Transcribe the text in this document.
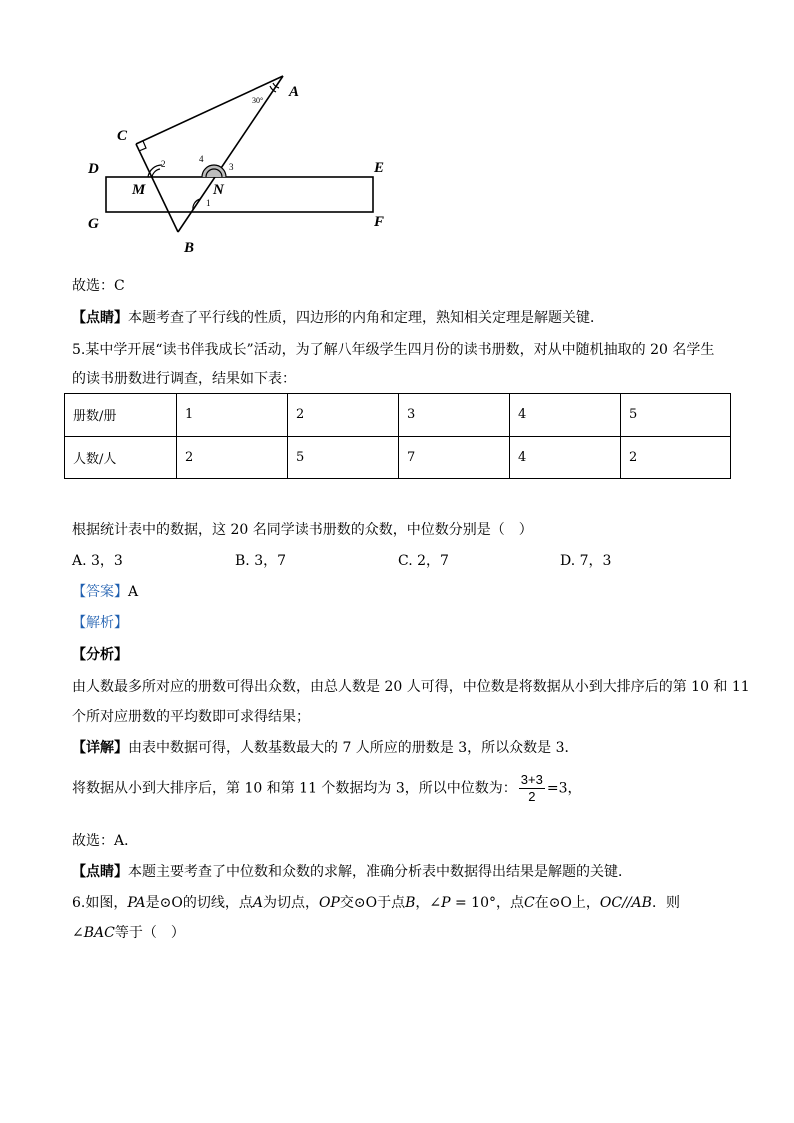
A
C
D	E
M	N
G	F
B
1
2	3
4
30°
故选：C
【点睛】本题考查了平行线的性质，四边形的内角和定理，熟知相关定理是解题关键．
5.某中学开展“读书伴我成长”活动，为了解八年级学生四月份的读书册数，对从中随机抽取的 20 名学生
的读书册数进行调查，结果如下表：
册数/册	1	2	3	4	5
人数/人	2	5	7	4	2
根据统计表中的数据，这 20 名同学读书册数的众数，中位数分别是（　）
A. 3，3	B. 3，7	C. 2，7	D. 7，3
【答案】A
【解析】
【分析】
由人数最多所对应的册数可得出众数，由总人数是 20 人可得，中位数是将数据从小到大排序后的第 10 和 11
个所对应册数的平均数即可求得结果；
【详解】由表中数据可得，人数基数最大的 7 人所应的册数是 3，所以众数是 3．
将数据从小到大排序后，第 10 和第 11 个数据均为 3，所以中位数为： $\frac{3+3}{2} =3$，
故选：A．
【点睛】本题主要考查了中位数和众数的求解，准确分析表中数据得出结果是解题的关键．
6.如图，PA是⊙O的切线，点A为切点，OP交⊙O于点B，∠P = 10°，点C在⊙O上，OC//AB．则
∠BAC等于（　）
